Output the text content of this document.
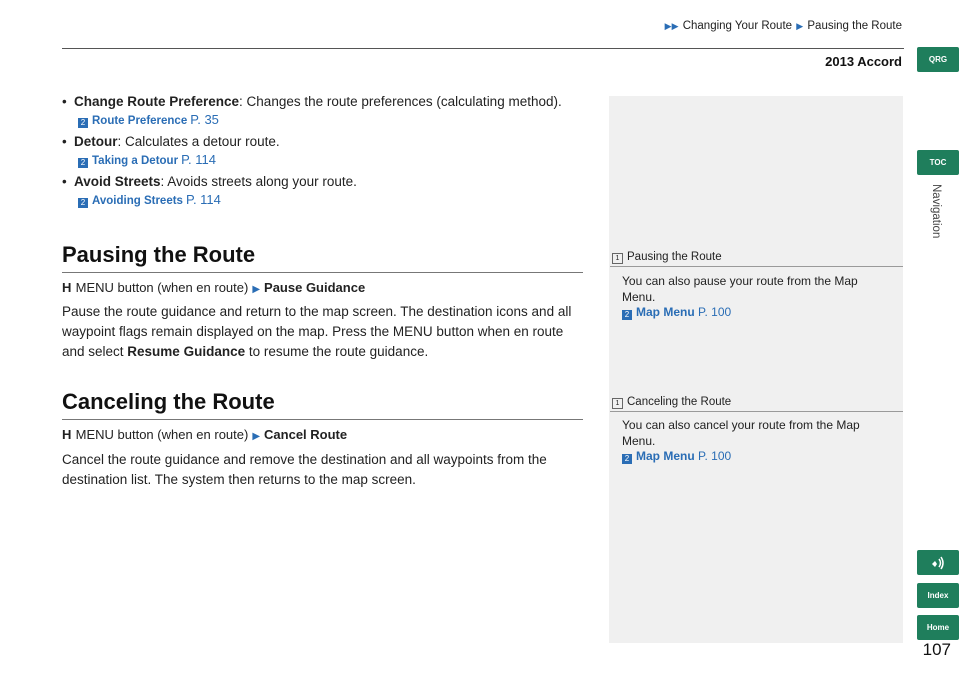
▶▶ Changing Your Route ▶ Pausing the Route
2013 Accord
• Change Route Preference: Changes the route preferences (calculating method).
2 Route Preference P. 35
• Detour: Calculates a detour route.
2 Taking a Detour P. 114
• Avoid Streets: Avoids streets along your route.
2 Avoiding Streets P. 114
Pausing the Route
H MENU button (when en route) ▶ Pause Guidance
Pause the route guidance and return to the map screen. The destination icons and all waypoint flags remain displayed on the map. Press the MENU button when en route and select Resume Guidance to resume the route guidance.
Canceling the Route
H MENU button (when en route) ▶ Cancel Route
Cancel the route guidance and remove the destination and all waypoints from the destination list. The system then returns to the map screen.
1 Pausing the Route
You can also pause your route from the Map Menu.
2 Map Menu P. 100
1 Canceling the Route
You can also cancel your route from the Map Menu.
2 Map Menu P. 100
QRG
TOC
Navigation
Index
Home
107
